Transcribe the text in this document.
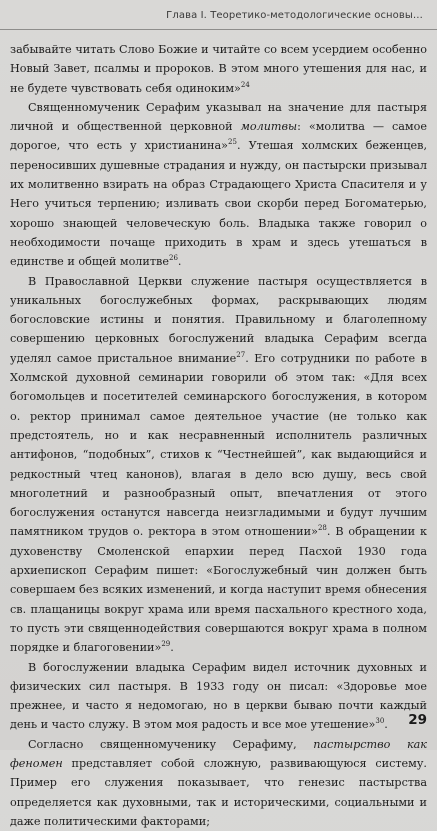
Глава I. Теоретико-методологические основы…

забывайте читать Слово Божие и читайте со всем усердием особенно Новый Завет, псалмы и пророков. В этом много утешения для нас, и не будете чувствовать себя одиноким»$^{24}$

Священномученик Серафим указывал на значение для пастыря личной и общественной церковной молитвы: «молитва — самое дорогое, что есть у христианина»$^{25}$. Утешая холмских беженцев, переносивших душевные страдания и нужду, он пастырски призывал их молитвенно взирать на образ Страдающего Христа Спасителя и у Него учиться терпению; изливать свои скорби перед Богоматерью, хорошо знающей человеческую боль. Владыка также говорил о необходимости почаще приходить в храм и здесь утешаться в единстве и общей молитве$^{26}$.

В Православной Церкви служение пастыря осуществляется в уникальных богослужебных формах, раскрывающих людям богословские истины и понятия. Правильному и благолепному совершению церковных богослужений владыка Серафим всегда уделял самое пристальное внимание$^{27}$. Его сотрудники по работе в Холмской духовной семинарии говорили об этом так: «Для всех богомольцев и посетителей семинарского богослужения, в котором о. ректор принимал самое деятельное участие (не только как предстоятель, но и как несравненный исполнитель различных антифонов, “подобных”, стихов к “Честнейшей”, как выдающийся и редкостный чтец канонов), влагая в дело всю душу, весь свой многолетний и разнообразный опыт, впечатления от этого богослужения останутся навсегда неизгладимыми и будут лучшим памятником трудов о. ректора в этом отношении»$^{28}$. В обращении к духовенству Смоленской епархии перед Пасхой 1930 года архиепископ Серафим пишет: «Богослужебный чин должен быть совершаем без всяких изменений, и когда наступит время обнесения св. плащаницы вокруг храма или время пасхального крестного хода, то пусть эти священнодействия совершаются вокруг храма в полном порядке и благоговении»$^{29}$.

В богослужении владыка Серафим видел источник духовных и физических сил пастыря. В 1933 году он писал: «Здоровье мое прежнее, и часто я недомогаю, но в церкви бываю почти каждый день и часто служу. В этом моя радость и все мое утешение»$^{30}$.

Согласно священномученику Серафиму, пастырство как феномен представляет собой сложную, развивающуюся систему. Пример его служения показывает, что генезис пастырства определяется как духовными, так и историческими, социальными и даже политическими факторами;

29
